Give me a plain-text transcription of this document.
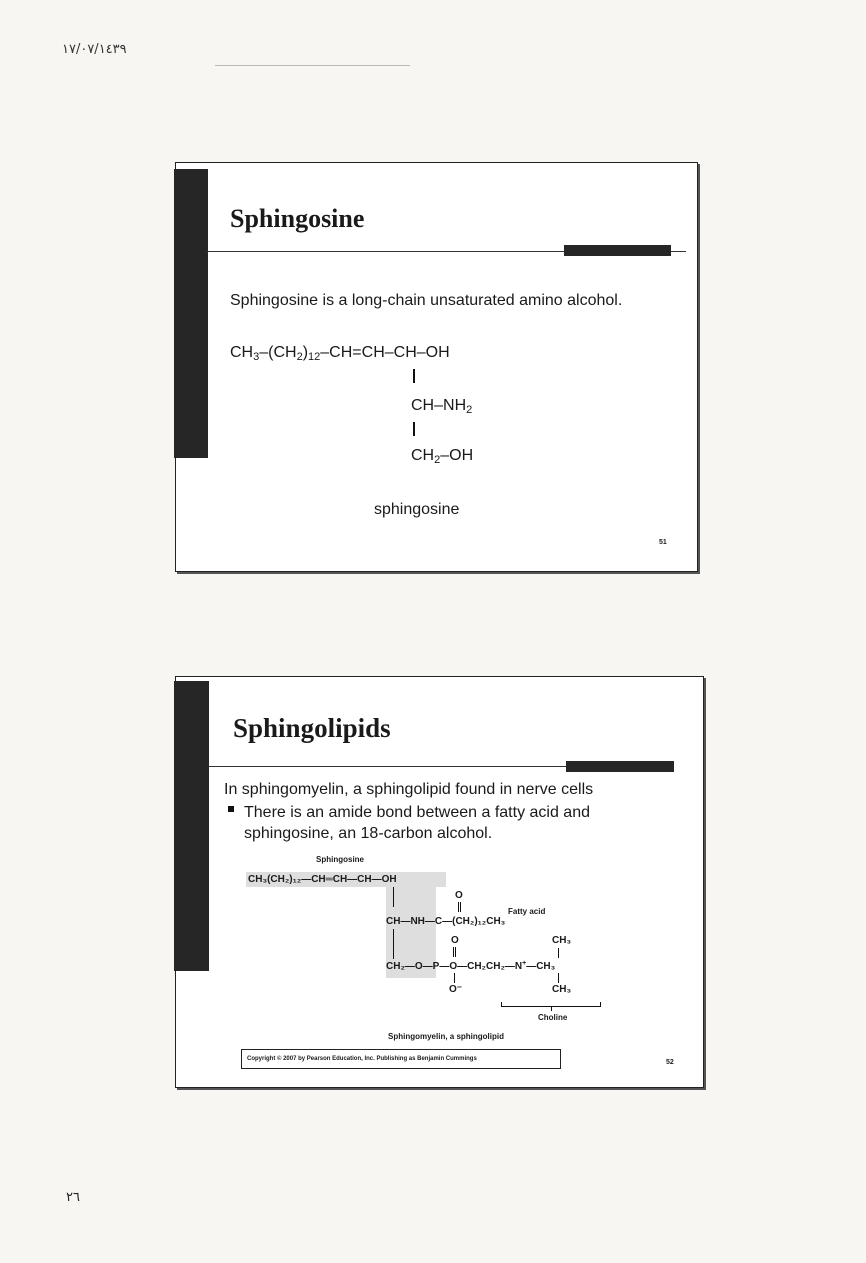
١٧/٠٧/١٤٣٩
Sphingosine
Sphingosine is a long-chain unsaturated amino alcohol.
$CH_3-(CH_2)_{12}-CH=CH-CH-OH$
$CH-NH_2$
$CH_2-OH$
sphingosine
51
Sphingolipids
In sphingomyelin, a sphingolipid found in nerve cells
There is an amide bond between a fatty acid and sphingosine, an 18-carbon alcohol.
Sphingosine
CH₃(CH₂)₁₂—CH═CH—CH—OH
O
Fatty acid
CH—NH—C—(CH₂)₁₂CH₃
O	CH₃
CH₂—O—P—O—CH₂CH₂—N+—CH₃
O⁻	CH₃
Choline
Sphingomyelin, a sphingolipid
Copyright © 2007 by Pearson Education, Inc. Publishing as Benjamin Cummings	52
٢٦
